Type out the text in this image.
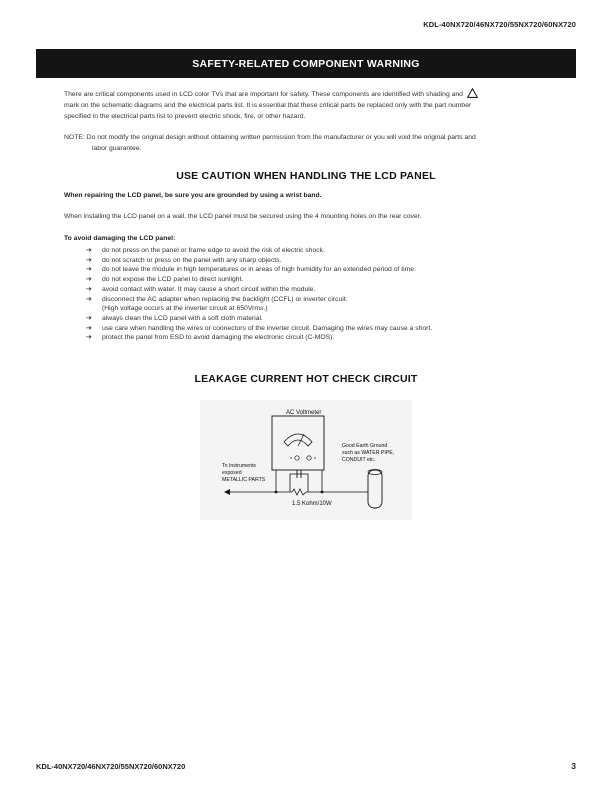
KDL-40NX720/46NX720/55NX720/60NX720
SAFETY-RELATED COMPONENT WARNING
There are critical components used in LCD color TVs that are important for safety. These components are identified with shading and
mark on the schematic diagrams and the electrical parts list. It is essential that these critical parts be replaced only with the part number
specified in the electrical parts list to prevent electric shock, fire, or other hazard.
NOTE: Do not modify the original design without obtaining written permission from the manufacturer or you will void the original parts and
labor guarantee.
USE CAUTION WHEN HANDLING THE LCD PANEL
When repairing the LCD panel, be sure you are grounded by using a wrist band.
When installing the LCD panel on a wall, the LCD panel must be secured using the 4 mounting holes on the rear cover.
To avoid damaging the LCD panel:
➔	do not press on the panel or frame edge to avoid the risk of electric shock.
➔	do not scratch or press on the panel with any sharp objects.
➔	do not leave the module in high temperatures or in areas of high humidity for an extended period of time.
➔	do not expose the LCD panel to direct sunlight.
➔	avoid contact with water. It may cause a short circuit within the module.
➔	disconnect the AC adapter when replacing the backlight (CCFL) or inverter circuit.
(High voltage occurs at the inverter circuit at 650Vrms.)
➔	always clean the LCD panel with a soft cloth material.
➔	use care when handling the wires or connectors of the inverter circuit. Damaging the wires may cause a short.
➔	protect the panel from ESD to avoid damaging the electronic circuit (C-MOS).
LEAKAGE CURRENT HOT CHECK CIRCUIT
AC Voltmeter
Good Earth Ground
such as WATER PIPE,
CONDUIT etc.
To Instruments
exposed
METALLIC PARTS
1.5 Kohm/10W
KDL-40NX720/46NX720/55NX720/60NX720	3
